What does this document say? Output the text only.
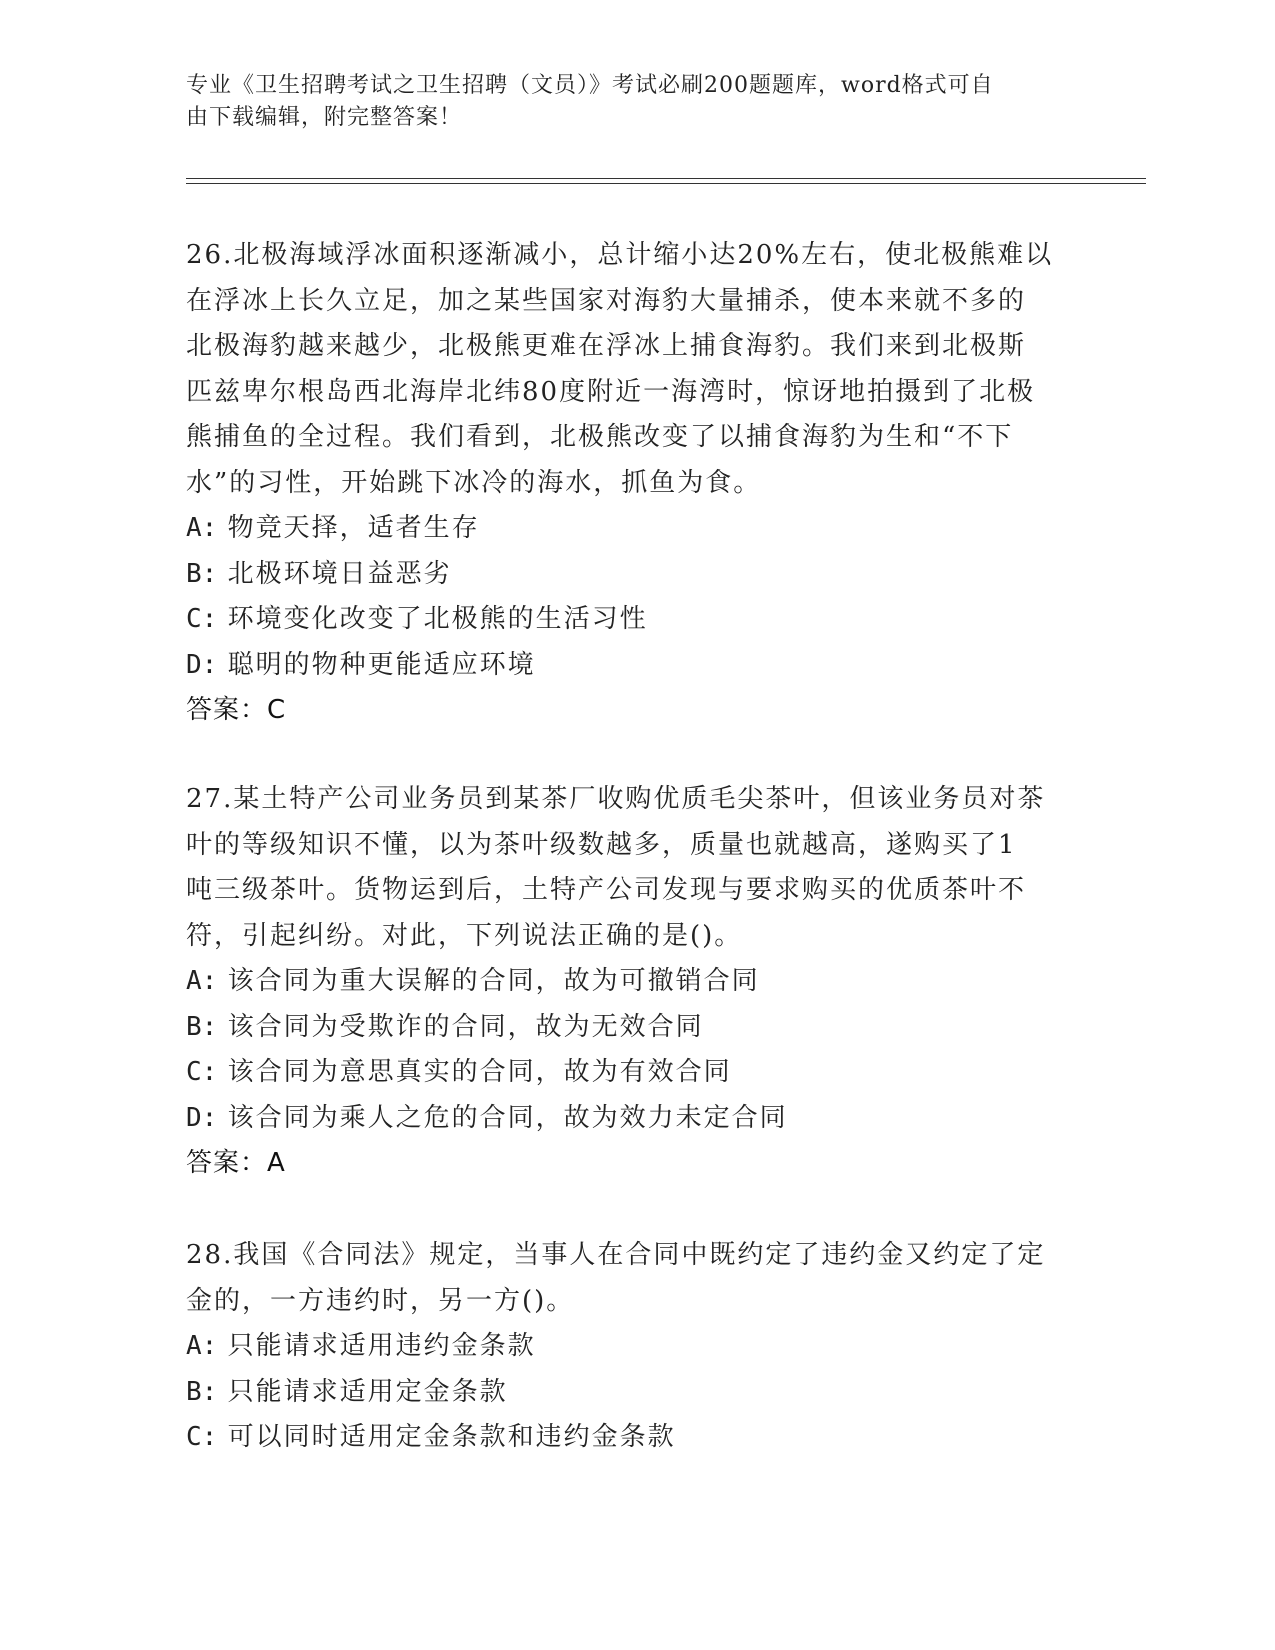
专业《卫生招聘考试之卫生招聘（文员）》考试必刷200题题库，word格式可自
由下载编辑，附完整答案！
26.北极海域浮冰面积逐渐减小，总计缩小达20%左右，使北极熊难以
在浮冰上长久立足，加之某些国家对海豹大量捕杀，使本来就不多的
北极海豹越来越少，北极熊更难在浮冰上捕食海豹。我们来到北极斯
匹兹卑尔根岛西北海岸北纬80度附近一海湾时，惊讶地拍摄到了北极
熊捕鱼的全过程。我们看到，北极熊改变了以捕食海豹为生和“不下
水”的习性，开始跳下冰冷的海水，抓鱼为食。
A: 物竞天择，适者生存
B: 北极环境日益恶劣
C: 环境变化改变了北极熊的生活习性
D: 聪明的物种更能适应环境
答案：C
27.某土特产公司业务员到某茶厂收购优质毛尖茶叶，但该业务员对茶
叶的等级知识不懂，以为茶叶级数越多，质量也就越高，遂购买了1
吨三级茶叶。货物运到后，土特产公司发现与要求购买的优质茶叶不
符，引起纠纷。对此，下列说法正确的是()。
A: 该合同为重大误解的合同，故为可撤销合同
B: 该合同为受欺诈的合同，故为无效合同
C: 该合同为意思真实的合同，故为有效合同
D: 该合同为乘人之危的合同，故为效力未定合同
答案：A
28.我国《合同法》规定，当事人在合同中既约定了违约金又约定了定
金的，一方违约时，另一方()。
A: 只能请求适用违约金条款
B: 只能请求适用定金条款
C: 可以同时适用定金条款和违约金条款
